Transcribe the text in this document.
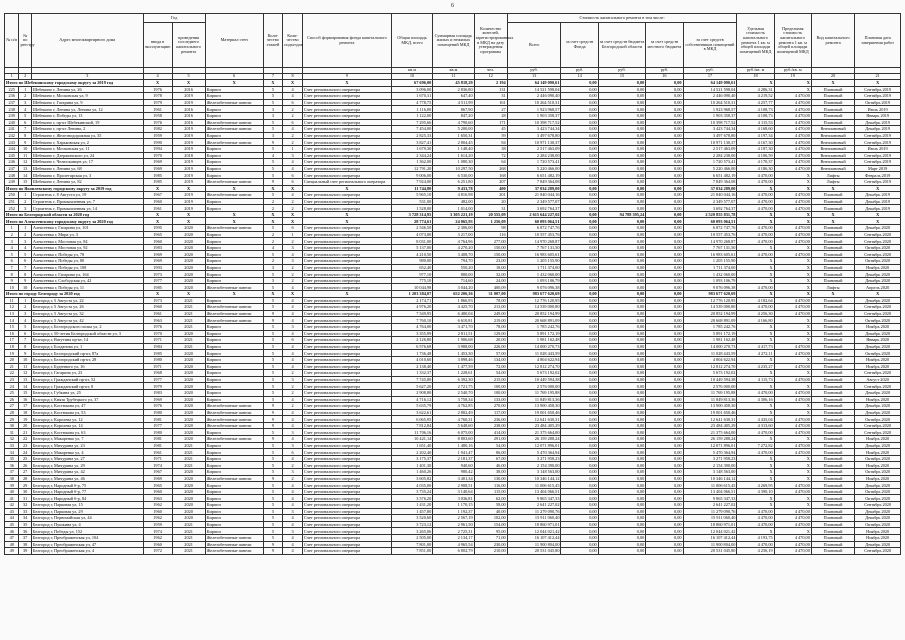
6
№ п/п	№ по реестру	Адрес многоквартирного дома	Год		Материал стен	Коли-чество этажей	Коли-чество подъездов	Способ формирования фонда капитального ремонта	Общая площадь МКД, всего	Суммарная площадь жилых и нежилых помещений МКД	Количество жителей, зарегистрированных в МКД на дату утверждения программы	Стоимость капитального ремонта в том числе:					Удельная стоимость капитального ремонта 1 кв. м общей площади помещений МКД	Предельная стоимость капитального ремонта 1 кв. м общей площади помещений МКД	Вид капитального ремонта	Плановая дата завершения работ
			ввода в эксплуатацию	проведения последнего капитального ремонта								Всего	за счет средств Фонда	за счет средств бюджета Белгородской области	за счет средств местного бюджета	за счет средств собственников помещений в МКД				
									кв.м	кв.м	чел.	руб.	руб.	руб.	руб.	руб.	руб./кв. м	руб./кв. м		
1	2	3	4	5	6	7	8	9	10	11	12	13	14	15	16	17	18	19	20	21
Итого по Шебекинскому городскому округу за 2019 год			X	X	X	X	X	X	67 696,00	45 818,29	2 194	64 149 090,61	0,00	0,00	0,00	64 149 090,61	X	X	X	X
225	1	Шебекино г, Ленина ул, 26	1976	2016	Кирпич	5	4	Счет регионального оператора	3 096,00	2 836,80	131	14 521 598,04	0,00	0,00	0,00	14 521 598,04	4 286,31	X	Плановый	Сентябрь 2019
236	2	Шебекино г, Московская ул, 9	1978	2019	Кирпич	5	4	Счет регионального оператора	1 670,31	647,40	31	2 446 090,40	0,00	0,00	0,00	2 446 090,40	4 219,52	4 470,00	Плановый	Сентябрь 2019
237	3	Шебекино г, Гагарина ул, 9	1979	2019	Железобетонные панели	5	6	Счет регионального оператора	4 778,75	4 511,99	161	10 264 510,31	0,00	0,00	0,00	10 264 510,31	4 257,77	4 470,00	Плановый	Октябрь 2019
238	4	Шебекино г, Ленина ул, Ленина ул, 12	1961	2016	Кирпич	3	2	Счет регионального оператора	1 116,00	867,90	27	1 923 968,57	0,00	0,00	0,00	1 923 968,57	4 108,73	4 470,00	Плановый	Июль 2019
239	5	Шебекино г, Победы ул, 13	1958	2016	Кирпич	3	2	Счет регионального оператора	1 122,00	847,20	28	1 903 358,37	0,00	0,00	0,00	1 903 358,37	4 108,73	4 470,00	Плановый	Январь 2019
240	6	Шебекино г, пр-кт Шебекинский, 19	1976	2016	Железобетонные панели	5	6	Счет регионального оператора	7 295,66	4 790,60	171	10 398 717,52	0,00	0,00	0,00	10 398 717,52	4 115,53	4 470,00	Плановый	Декабрь 2019
241	7	Шебекино г, пр-кт Ленина, 2	1982	2019	Железобетонные панели	5	4	Счет регионального оператора	7 454,00	5 200,00	45	3 423 744,34	0,00	0,00	0,00	3 423 744,34	4 168,60	4 470,00	Внеплановый	Декабрь 2019
242	8	Шебекино г, Железнодорожная ул, 35	1959	2019	Кирпич	3	2	Счет регионального оператора	2 825,33	1 650,31	59	3 497 678,80	0,00	0,00	0,00	3 497 678,80	4 197,34	4 470,00	Внеплановый	Сентябрь 2019
243	9	Шебекино г, Харьковская ул, 2	1990	2019	Железобетонные панели	9	2	Счет регионального оператора	3 827,41	2 804,45	84	10 971 130,37	0,00	0,00	0,00	10 971 130,37	4 167,30	4 470,00	Внеплановый	Сентябрь 2019
244	10	Шебекино г, Московская ул, 11	1994	2019	Кирпич	5	1	Счет регионального оператора	1 679,30	1 148,40	38	2 517 463,09	0,00	0,00	0,00	2 517 463,09	4 187,30	4 470,00	Внеплановый	Июль 2019
245	11	Шебекино г, Дзержинского ул, 24	1970	2018	Кирпич	4	3	Счет регионального оператора	2 344,24	1 614,20	72	2 284 238,00	0,00	0,00	0,00	2 284 238,00	4 106,59	4 470,00	Внеплановый	Сентябрь 2019
246	12	Шебекино г, Челюскинцев ул, 17	1969	2019	Кирпич	5	4	Счет регионального оператора	1 362,00	1 080,30	64	1 720 573,41	0,00	0,00	0,00	1 720 573,41	4 170,37	4 470,00	Внеплановый	Сентябрь 2019
247	13	Шебекино г, Ленина ул, 68	1969	2019	Кирпич	5	4	Счет регионального оператора	12 791,20	10 297,50	268	5 220 466,00	0,00	0,00	0,00	5 220 466,00	4 186,30	4 470,00	Внеплановый	Март 2019
248	14	Шебекино г, Пролетарская ул, 3	1985	2019	Кирпич	5	6	Счет регионального оператора	9 006,00	6 530,00	168	6 651 482,19	0,00	0,00	0,00	6 651 482,19	4 470,00	X	Лифты	Февраль 2019
249	15	Шебекино г, Ленина ул, 82	1985	2019	Железобетонные панели	9	6	Специальный счет регионального оператора	7 924,00	6 251,80	207	7 849 364,08	0,00	0,00	0,00	7 849 364,08	4 470,00	X	Лифты	Сентябрь 2019
Итого по Яковлевскому городскому округу за 2019 год			X	X	X	X	X	X	11 744,80	9 433,78	400	37 034 289,00	0,00	0,00	0,00	37 034 289,00	X	X	X	X
250	1	Строитель г, 8 Августа ул, 19	1967	2019	Железобетонные панели	5	4	Счет регионального оператора	5 965,10	4 816,98	201	21 840 044,16	0,00	0,00	0,00	21 840 044,16	4 470,00	4 470,00	Плановый	Декабрь 2019
251	2	Строитель г, Промышленная ул, 7	1960	2019	Кирпич	2	2	Счет регионального оператора	531,00	482,00	20	2 349 577,07	0,00	0,00	0,00	2 349 577,07	4 470,00	4 470,00	Плановый	Декабрь 2019
252	3	Строитель г, Промышленная ул, 14	1961	2019	Кирпич	2	2	Счет регионального оператора	1 528,00	1 014,00	31	3 692 764,37	0,00	0,00	0,00	3 692 764,37	4 470,00	4 470,00	Плановый	Декабрь 2019
Итого по Белгородской области за 2020 год			X	X	X	X	X	X	3 728 314,95	3 305 221,19	20 555,09	2 615 644 227,02	0,00	94 788 395,24	0,00	2 520 855 831,78	X	X	X	X
Итого по Алексеевскому городскому округу за 2020 год			X	X	X	X	X	X	28 774,61	24 065,93	1 256,09	60 093 064,51	0,00	0,00	0,00	60 093 064,51	X	X	X	X
1	1	Алексеевка г, Гагарина ул, 101	1995	2020	Железобетонные панели	5	6	Счет регионального оператора	2 546,50	2 306,00	98	6 872 747,76	0,00	0,00	0,00	6 872 747,76	4 470,00	4 470,00	Плановый	Декабрь 2020
2	2	Алексеевка г, Мира ул, 3	1965	2020	Кирпич	2	1	Счет регионального оператора	4 073,00	3 217,00	116	10 557 453,76	0,00	0,00	0,00	10 557 453,76	4 470,00	4 470,00	Плановый	Сентябрь 2020
3	3	Алексеевка г, Мостовая ул, 84	1960	2020	Кирпич	2	2	Счет регионального оператора	8 031,00	4 764,96	277,00	14 970 268,87	0,00	0,00	0,00	14 970 268,87	4 470,00	4 470,00	Плановый	Сентябрь 2020
4	4	Алексеевка г, Мостовая ул, 92	1983	2020	Кирпич	4	3	Счет регионального оператора	5 137,00	4 270,20	150,00	7 767 131,50	0,00	0,00	0,00	7 767 131,50	X	X	Плановый	Октябрь 2020
5	5	Алексеевка г, Победы ул, 78	1969	2020	Кирпич	5	4	Счет регионального оператора	4 210,50	3 408,70	150,00	16 983 605,61	0,00	0,00	0,00	16 983 605,61	4 470,00	4 470,00	Плановый	Сентябрь 2020
6	6	Алексеевка г, Победы ул, 80	1969	2020	Кирпич	2	3	Счет регионального оператора	980,00	794,70	23,00	1 205 155,90	0,00	0,00	0,00	1 205 155,90	X	X	Плановый	Октябрь 2020
7	7	Алексеевка г, Победы ул, 108	1993	2020	Кирпич	3	2	Счет регионального оператора	652,40	550,20	18,00	1 711 374,00	0,00	0,00	0,00	1 711 374,00	X	X	Плановый	Ноябрь 2020
8	8	Алексеевка г, Гагарина ул, 164	1973	2020	Кирпич	5	2	Счет регионального оператора	977,10	880,00	32,00	1 432 060,00	0,00	0,00	0,00	1 432 060,00	X	X	Плановый	Декабрь 2020
9	9	Алексеевка г, Слободская ул, 42	1977	2020	Кирпич	3	2	Счет регионального оператора	775,10	714,60	24,00	1 093 106,79	0,00	0,00	0,00	1 093 106,79	X	X	Плановый	Декабрь 2020
10	10	Алексеевка г, Победы ул, 11	1985	2020	Железобетонные панели	5	4	Счет регионального оператора	10 044,98	3 044,20	400,09	9 076 096,38	0,00	0,00	0,00	9 076 096,38	4 470,00	X	Лифты	Апрель 2020
Итого по городу Белгороду за 2020 год			X	X	X	X	X	X	1 203 384,07	652 206,36	31 007,00	983 677 620,69	0,00	0,00	0,00	983 677 620,69	X	X	X	X
11	1	Белгород г, 5 Августа ул, 22	1973	2021	Кирпич	5	4	Счет регионального оператора	2 174,71	1 866,93	78,00	12 776 120,95	0,00	0,00	0,00	12 776 120,95	4 182,64	4 470,00	Плановый	Декабрь 2020
12	2	Белгород г, 5 Августа ул, 26	1960	2021	Железобетонные панели	5	4	Счет регионального оператора	4 976,20	4 425,70	213,00	14 539 000,80	0,00	0,00	0,00	14 539 000,80	4 470,00	4 470,00	Плановый	Сентябрь 2020
13	3	Белгород г, 5 Августа ул, 32	1961	2021	Железобетонные панели	9	4	Счет регионального оператора	7 549,95	6 480,04	249,00	20 852 194,99	0,00	0,00	0,00	20 852 194,99	4 256,30	4 470,00	Плановый	Сентябрь 2020
14	4	Белгород г, 5 Августа ул, 42	1963	2021	Железобетонные панели	9	4	Счет регионального оператора	7 760,10	6 610,81	219,00	20 668 891,09	0,00	0,00	0,00	20 668 891,09	4 166,80	X	Плановый	Октябрь 2020
15	5	Белгород г, Белгородского полка ул, 2	1976	2021	Кирпич	5	3	Счет регионального оператора	4 764,00	3 471,70	78,00	1 785 242,76	0,00	0,00	0,00	1 785 242,76	X	X	Плановый	Ноябрь 2020
16	6	Белгород г, 50-летия Белгородской области ул, 3	1970	2020	Кирпич	5	4	Счет регионального оператора	3 355,99	2 811,51	129,00	5 891 172,19	0,00	0,00	0,00	5 891 172,19	X	X	Плановый	Декабрь 2020
17	7	Белгород г, Ватутина пр-кт, 14	1971	2021	Кирпич	5	6	Счет регионального оператора	2 126,80	1 906,68	20,00	1 981 162,48	0,00	0,00	0,00	1 981 162,48	X	X	Плановый	Январь 2020
18	8	Белгород г, Богданова ул, 1	1984	2021	Кирпич	5	4	Счет регионального оператора	6 576,68	3 988,00	226,00	14 000 270,73	0,00	0,00	0,00	14 000 270,73	4 417,73	4 470,00	Плановый	Декабрь 2020
19	9	Белгород г, Белгородский пр-кт, 87а	1985	2020	Кирпич	5	4	Счет регионального оператора	1 736,48	1 453,30	57,00	11 028 443,59	0,00	0,00	0,00	11 028 443,59	4 272,11	4 470,00	Плановый	Октябрь 2020
20	10	Белгород г, Белгородский пр-кт, 28	1980	2020	Кирпич	5	4	Счет регионального оператора	4 010,60	3 898,46	134,00	4 804 622,94	0,00	0,00	0,00	4 804 622,94	X	X	Плановый	Ноябрь 2020
21	11	Белгород г, Буденного ул, 16	1971	2020	Кирпич	5	4	Счет регионального оператора	2 138,40	1 477,59	72,00	12 812 274,70	0,00	0,00	0,00	12 812 274,70	4 235,27	4 470,00	Плановый	Ноябрь 2020
22	12	Белгород г, Гагарина ул, 23	1968	2020	Кирпич	5	2	Счет регионального оператора	1 332,37	1 228,61	54,00	5 673 192,02	0,00	0,00	0,00	5 673 192,02	X	X	Плановый	Сентябрь 2020
23	13	Белгород г, Гражданский пр-кт, 52	1977	2020	Кирпич	5	3	Счет регионального оператора	7 745,80	6 392,30	215,00	10 449 594,38	0,00	0,00	0,00	10 449 594,38	4 115,73	4 470,00	Плановый	Август 2020
24	14	Белгород г, Гражданский пр-кт, 8	1979	2020	Кирпич	5	2	Счет регионального оператора	5 627,20	2 721,75	100,00	2 576 000,00	0,00	0,00	0,00	2 576 000,00	X	X	Плановый	Сентябрь 2020
25	15	Белгород г, Губкина ул, 25	1983	2020	Кирпич	5	2	Счет регионального оператора	2 908,80	2 540,70	100,00	11 769 195,88	0,00	0,00	0,00	11 769 195,88	4 470,00	4 470,00	Плановый	Декабрь 2020
26	16	Белгород г, Князя Трубецкого ул, 37	1969	2020	Кирпич	5	4	Счет регионального оператора	4 716,12	3 758,34	133,00	11 849 813,36	0,00	0,00	0,00	11 849 813,36	4 306,16	4 470,00	Плановый	Ноябрь 2020
27	17	Белгород г, Костюкова ул, 47	1976	2020	Железобетонные панели	9	2	Счет регионального оператора	5 635,79	4 762,85	270,00	13 900 458,30	0,00	0,00	0,00	13 900 458,30	X	X	Плановый	Декабрь 2020
28	18	Белгород г, Костюкова ул, 53	1980	2020	Железобетонные панели	9	4	Счет регионального оператора	3 622,61	2 882,49	117,00	19 001 650,46	0,00	0,00	0,00	19 001 650,46	X	X	Плановый	Декабрь 2020
29	19	Белгород г, Королева ул, 12	1981	2020	Железобетонные панели	9	4	Счет регионального оператора	6 065,95	4 760,31	236,00	12 641 630,31	0,00	0,00	0,00	12 641 630,31	4 435,04	4 470,00	Плановый	Октябрь 2020
30	20	Белгород г, Королева ул, 14	1977	2020	Железобетонные панели	9	4	Счет регионального оператора	7 812,84	5 648,60	238,00	23 484 405,29	0,00	0,00	0,00	23 484 405,29	4 313,60	4 470,00	Плановый	Сентябрь 2020
31	21	Белгород г, Костюкова ул, 63	1980	2020	Кирпич	5	3	Счет регионального оператора	11 706,16	6 075,00	414,00	21 375 664,00	0,00	0,00	0,00	21 375 664,00	4 470,00	4 470,00	Плановый	Сентябрь 2020
32	22	Белгород г, Макаренко ул, 7	1981	2020	Железобетонные панели	9	4	Счет регионального оператора	10 421,14	8 803,60	291,00	26 159 288,24	0,00	0,00	0,00	26 159 288,24	X	X	Плановый	Ноябрь 2020
33	23	Белгород г, Мичурина ул, 23	1981	2021	Кирпич	5	3	Счет регионального оператора	1 651,40	1 480,16	54,00	12 071 896,01	0,00	0,00	0,00	12 071 896,01	7 272,82	4 470,00	Плановый	Декабрь 2020
34	24	Белгород г, Макаренко ул, 4	1961	2021	Кирпич	5	6	Счет регионального оператора	2 202,40	1 941,47	86,00	5 470 364,94	0,00	0,00	0,00	5 470 364,94	4 470,00	4 470,00	Плановый	Ноябрь 2020
35	25	Белгород г, Мичурина ул, 27	1971	2021	Кирпич	5	4	Счет регионального оператора	3 175,37	2 181,37	67,00	3 271 958,23	0,00	0,00	0,00	3 271 958,23	X	X	Плановый	Октябрь 2020
36	26	Белгород г, Мичурина ул, 29	1974	2021	Кирпич	5	2	Счет регионального оператора	1 401,30	940,60	46,00	2 154 390,00	0,00	0,00	0,00	2 154 390,00	X	X	Плановый	Ноябрь 2020
37	27	Белгород г, Мичурина ул, 42	1967	2020	Кирпич	5	3	Счет регионального оператора	1 460,26	980,42	38,00	3 148 563,00	0,00	0,00	0,00	3 148 563,00	X	X	Плановый	Октябрь 2020
38	28	Белгород г, Мичурина ул, 46	1969	2020	Железобетонные панели	9	2	Счет регионального оператора	3 605,82	3 401,34	130,00	10 346 144,12	0,00	0,00	0,00	10 346 144,12	X	X	Плановый	Ноябрь 2020
39	29	Белгород г, Народный б-р, 75	1965	2020	Кирпич	5	4	Счет регионального оператора	4 035,00	2 908,51	116,00	11 006 615,45	0,00	0,00	0,00	11 006 615,45	4 269,95	4 470,00	Плановый	Декабрь 2020
40	30	Белгород г, Народный б-р, 77	1960	2020	Кирпич	5	4	Счет регионального оператора	3 735,24	3 140,64	115,00	13 404 066,51	0,00	0,00	0,00	13 404 066,51	4 390,10	4 470,00	Плановый	Октябрь 2020
41	31	Белгород г, Народный б-р, 84	1963	2020	Кирпич	5	4	Счет регионального оператора	3 576,20	3 036,81	62,00	9 865 347,33	0,00	0,00	0,00	9 865 347,33	X	X	Плановый	Октябрь 2020
42	32	Белгород г, Парковая ул, 15	1962	2020	Кирпич	5	4	Счет регионального оператора	1 431,20	1 170,15	58,00	2 641 227,02	0,00	0,00	0,00	2 641 227,02	X	X	Плановый	Сентябрь 2020
43	33	Белгород г, Парковая ул, 29	1960	2020	Кирпич	5	3	Счет регионального оператора	1 457,80	1 192,37	40,00	11 279 090,76	0,00	0,00	0,00	11 279 090,76	4 470,00	4 470,00	Плановый	Декабрь 2020
44	34	Белгород г, Первомайская ул, 44	1962	2020	Кирпич	5	4	Счет регионального оператора	3 520,60	2 567,19	102,00	15 911 060,40	0,00	0,00	0,00	15 911 060,40	4 470,00	4 470,00	Плановый	Декабрь 2020
45	35	Белгород г, Пушкина ул, 4	1959	2021	Кирпич	5	4	Счет регионального оператора	3 723,12	2 961,50	154,00	18 860 971,01	0,00	0,00	0,00	18 860 971,01	4 470,00	4 470,00	Плановый	Октябрь 2020
46	36	Белгород г, Победы ул, 152	1974	2021	Кирпич	5	3	Счет регионального оператора	3 265,06	2 725,31	95,00	12 044 021,42	0,00	0,00	0,00	12 044 021,42	X	X	Плановый	Ноябрь 2020
47	37	Белгород г, Преображенская ул, 104	1962	2021	Железобетонные панели	5	4	Счет регионального оператора	2 505,00	2 134,17	71,00	16 107 412,44	0,00	0,00	0,00	16 107 412,44	4 193,75	4 470,00	Плановый	Ноябрь 2020
48	38	Белгород г, Преображенская ул, 47	1960	2021	Железобетонные панели	9	4	Счет регионального оператора	7 801,00	4 965,54	230,00	11 900 804,00	0,00	0,00	0,00	11 900 804,00	4 470,00	4 470,00	Плановый	Декабрь 2020
49	39	Белгород г, Преображенская ул, 4	1972	2021	Железобетонные панели	9	4	Счет регионального оператора	7 851,00	6 802,79	210,00	20 531 045,80	0,00	0,00	0,00	20 531 045,80	4 256,19	4 470,00	Плановый	Сентябрь 2020
